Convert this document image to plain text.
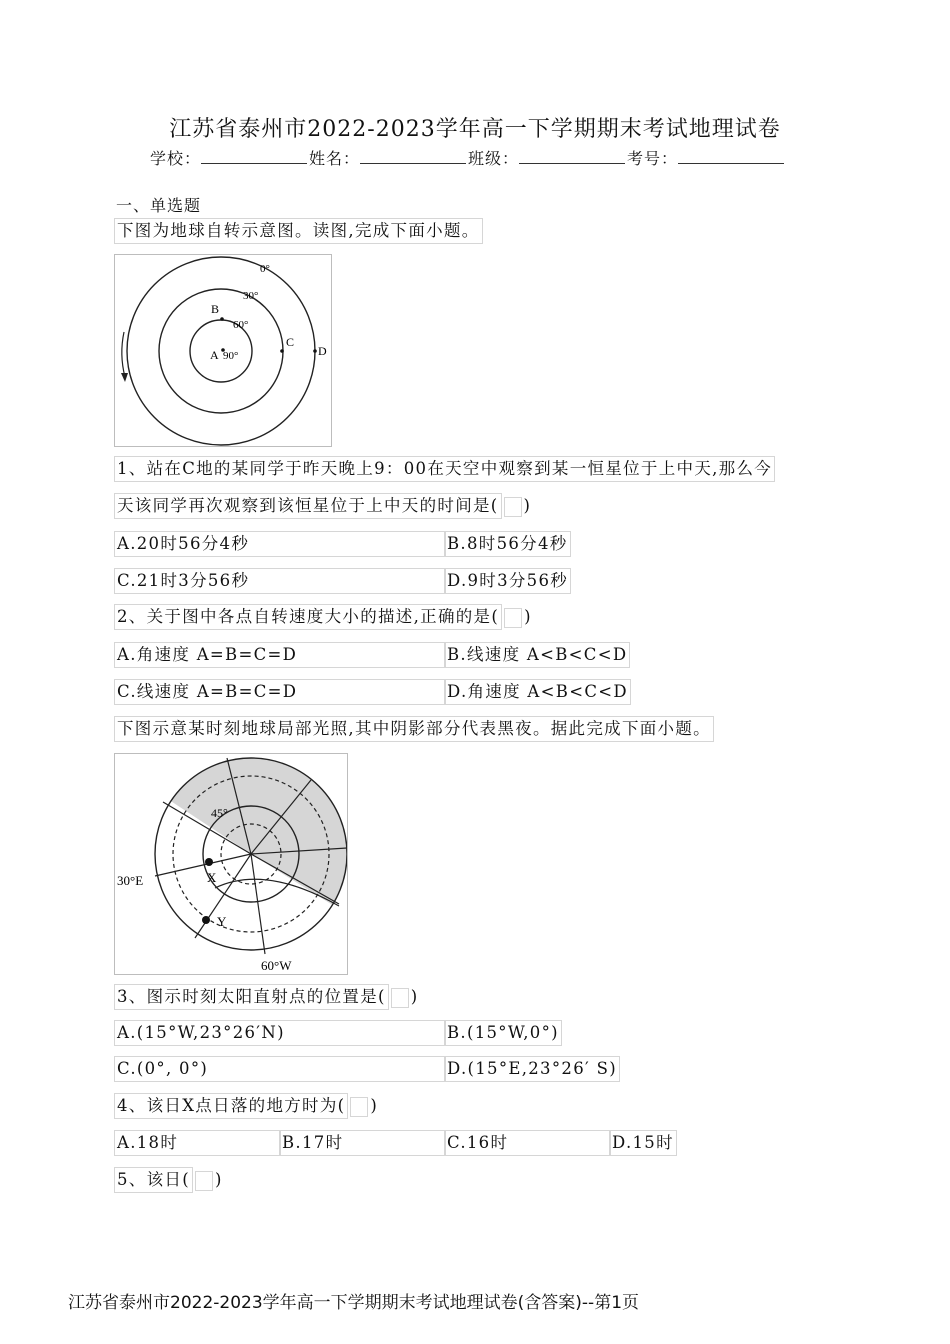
江苏省泰州市2022-2023学年高一下学期期末考试地理试卷
学校：	姓名：	班级：	考号：
一、单选题
下图为地球自转示意图。读图,完成下面小题。
0°
30°
60°
90°
A
B
C
D
1、站在C地的某同学于昨天晚上9：00在天空中观察到某一恒星位于上中天,那么今
天该同学再次观察到该恒星位于上中天的时间是( )
A.20时56分4秒	B.8时56分4秒
C.21时3分56秒	D.9时3分56秒
2、关于图中各点自转速度大小的描述,正确的是( )
A.角速度 A=B=C=D	B.线速度 A<B<C<D
C.线速度 A=B=C=D	D.角速度 A<B<C<D
下图示意某时刻地球局部光照,其中阴影部分代表黑夜。据此完成下面小题。
45°
30°E
60°W
X
Y
3、图示时刻太阳直射点的位置是( )
A.(15°W,23°26′N)	B.(15°W,0°)
C.(0°, 0°)	D.(15°E,23°26′ S)
4、该日X点日落的地方时为( )
A.18时	B.17时	C.16时	D.15时
5、该日( )
江苏省泰州市2022-2023学年高一下学期期末考试地理试卷(含答案)--第1页
